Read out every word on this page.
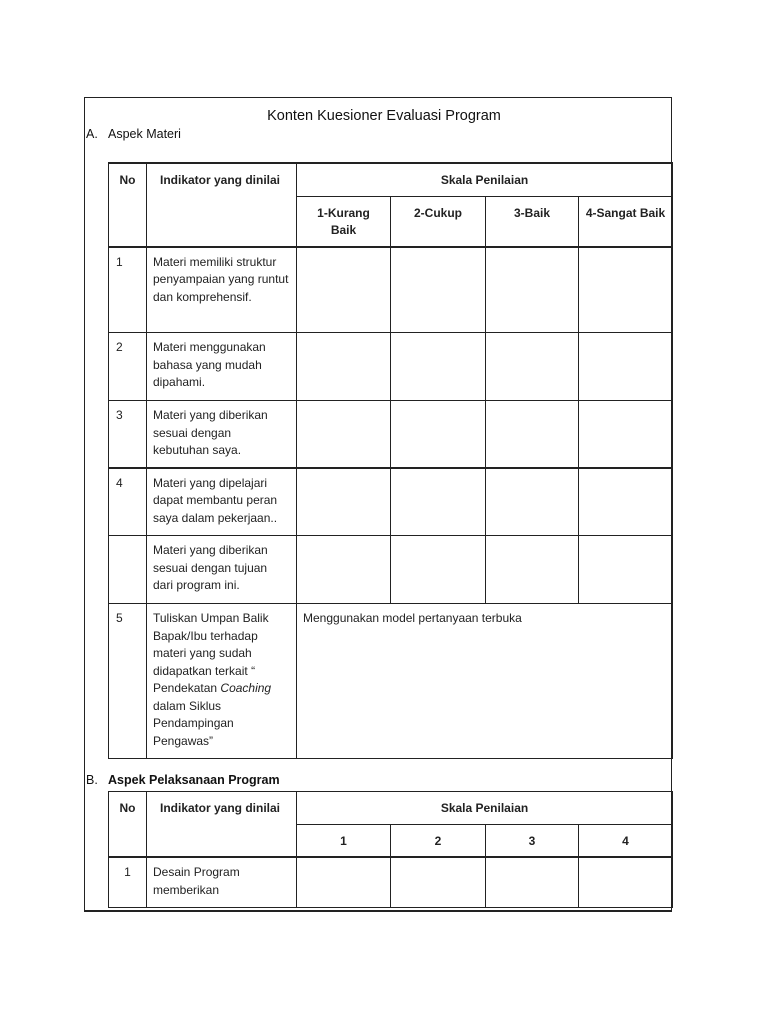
Konten Kuesioner Evaluasi Program
A. Aspek Materi
No	Indikator yang dinilai	Skala Penilaian			
		1-Kurang Baik	2-Cukup	3-Baik	4-Sangat Baik
1	Materi memiliki struktur penyampaian yang runtut dan komprehensif.				
2	Materi menggunakan bahasa yang mudah dipahami.				
3	Materi yang diberikan sesuai dengan kebutuhan saya.				
4	Materi yang dipelajari dapat membantu peran saya dalam pekerjaan..				
	Materi yang diberikan sesuai dengan tujuan dari program ini.				
5	Tuliskan Umpan Balik Bapak/Ibu terhadap materi yang sudah didapatkan terkait “ Pendekatan Coaching dalam Siklus Pendampingan Pengawas”	Menggunakan model pertanyaan terbuka			
B. Aspek Pelaksanaan Program
No	Indikator yang dinilai	Skala Penilaian			
		1	2	3	4
1	Desain Program memberikan				
